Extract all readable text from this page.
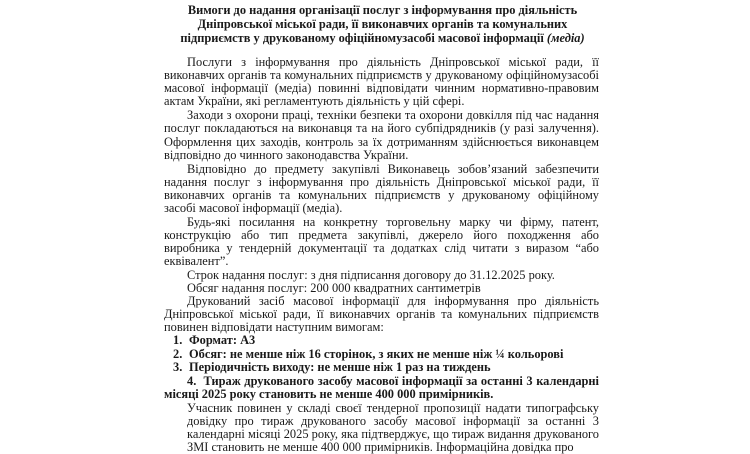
Вимоги до надання організації послуг з інформування про діяльність
Дніпровської міської ради, її виконавчих органів та комунальних
підприємств у друкованому офіційномузасобі масової інформації (медіа)

Послуги з інформування про діяльність Дніпровської міської ради, її виконавчих органів та комунальних підприємств у друкованому офіційномузасобі масової інформації (медіа) повинні відповідати чинним нормативно-правовим актам України, які регламентують діяльність у цій сфері.

Заходи з охорони праці, техніки безпеки та охорони довкілля під час надання послуг покладаються на виконавця та на його субпідрядників (у разі залучення). Оформлення цих заходів, контроль за їх дотриманням здійснюється виконавцем відповідно до чинного законодавства України.

Відповідно до предмету закупівлі Виконавець зобов’язаний забезпечити надання послуг з інформування про діяльність Дніпровської міської ради, її виконавчих органів та комунальних підприємств у друкованому офіційному засобі масової інформації (медіа).

Будь-які посилання на конкретну торговельну марку чи фірму, патент, конструкцію або тип предмета закупівлі, джерело його походження або виробника у тендерній документації та додатках слід читати з виразом “або еквівалент”.

Строк надання послуг: з дня підписання договору до 31.12.2025 року.

Обсяг надання послуг: 200 000 квадратних сантиметрів

Друкований засіб масової інформації для інформування про діяльність Дніпровської міської ради, її виконавчих органів та комунальних підприємств повинен відповідати наступним вимогам:

1. Формат: А3
2. Обсяг: не менше ніж 16 сторінок, з яких не менше ніж ¼ кольорові
3. Періодичність виходу: не менше ніж 1 раз на тиждень

4. Тираж друкованого засобу масової інформації за останні 3 календарні місяці 2025 року становить не менше 400 000 примірників.

Учасник повинен у складі своєї тендерної пропозиції надати типографську довідку про тираж друкованого засобу масової інформації за останні 3 календарні місяці 2025 року, яка підтверджує, що тираж видання друкованого ЗМІ становить не менше 400 000 примірників. Інформаційна довідка про
